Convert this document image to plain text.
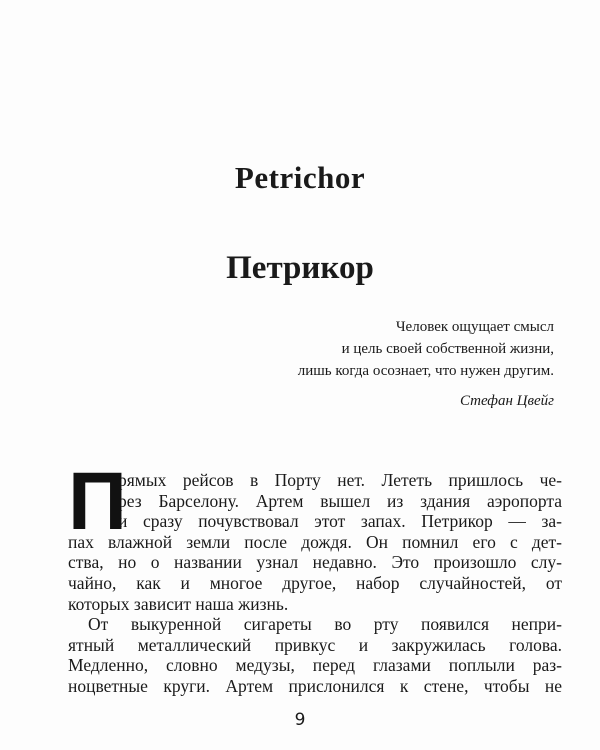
Petrichor
Петрикор
Человек ощущает смысл
и цель своей собственной жизни,
лишь когда осознает, что нужен другим.
Стефан Цвейг
П
рямых рейсов в Порту нет. Лететь пришлось че-
рез Барселону. Артем вышел из здания аэропорта
и сразу почувствовал этот запах. Петрикор — за-
пах влажной земли после дождя. Он помнил его с дет-
ства, но о названии узнал недавно. Это произошло слу-
чайно, как и многое другое, набор случайностей, от
которых зависит наша жизнь.
От выкуренной сигареты во рту появился непри-
ятный металлический привкус и закружилась голова.
Медленно, словно медузы, перед глазами поплыли раз-
ноцветные круги. Артем прислонился к стене, чтобы не
9
